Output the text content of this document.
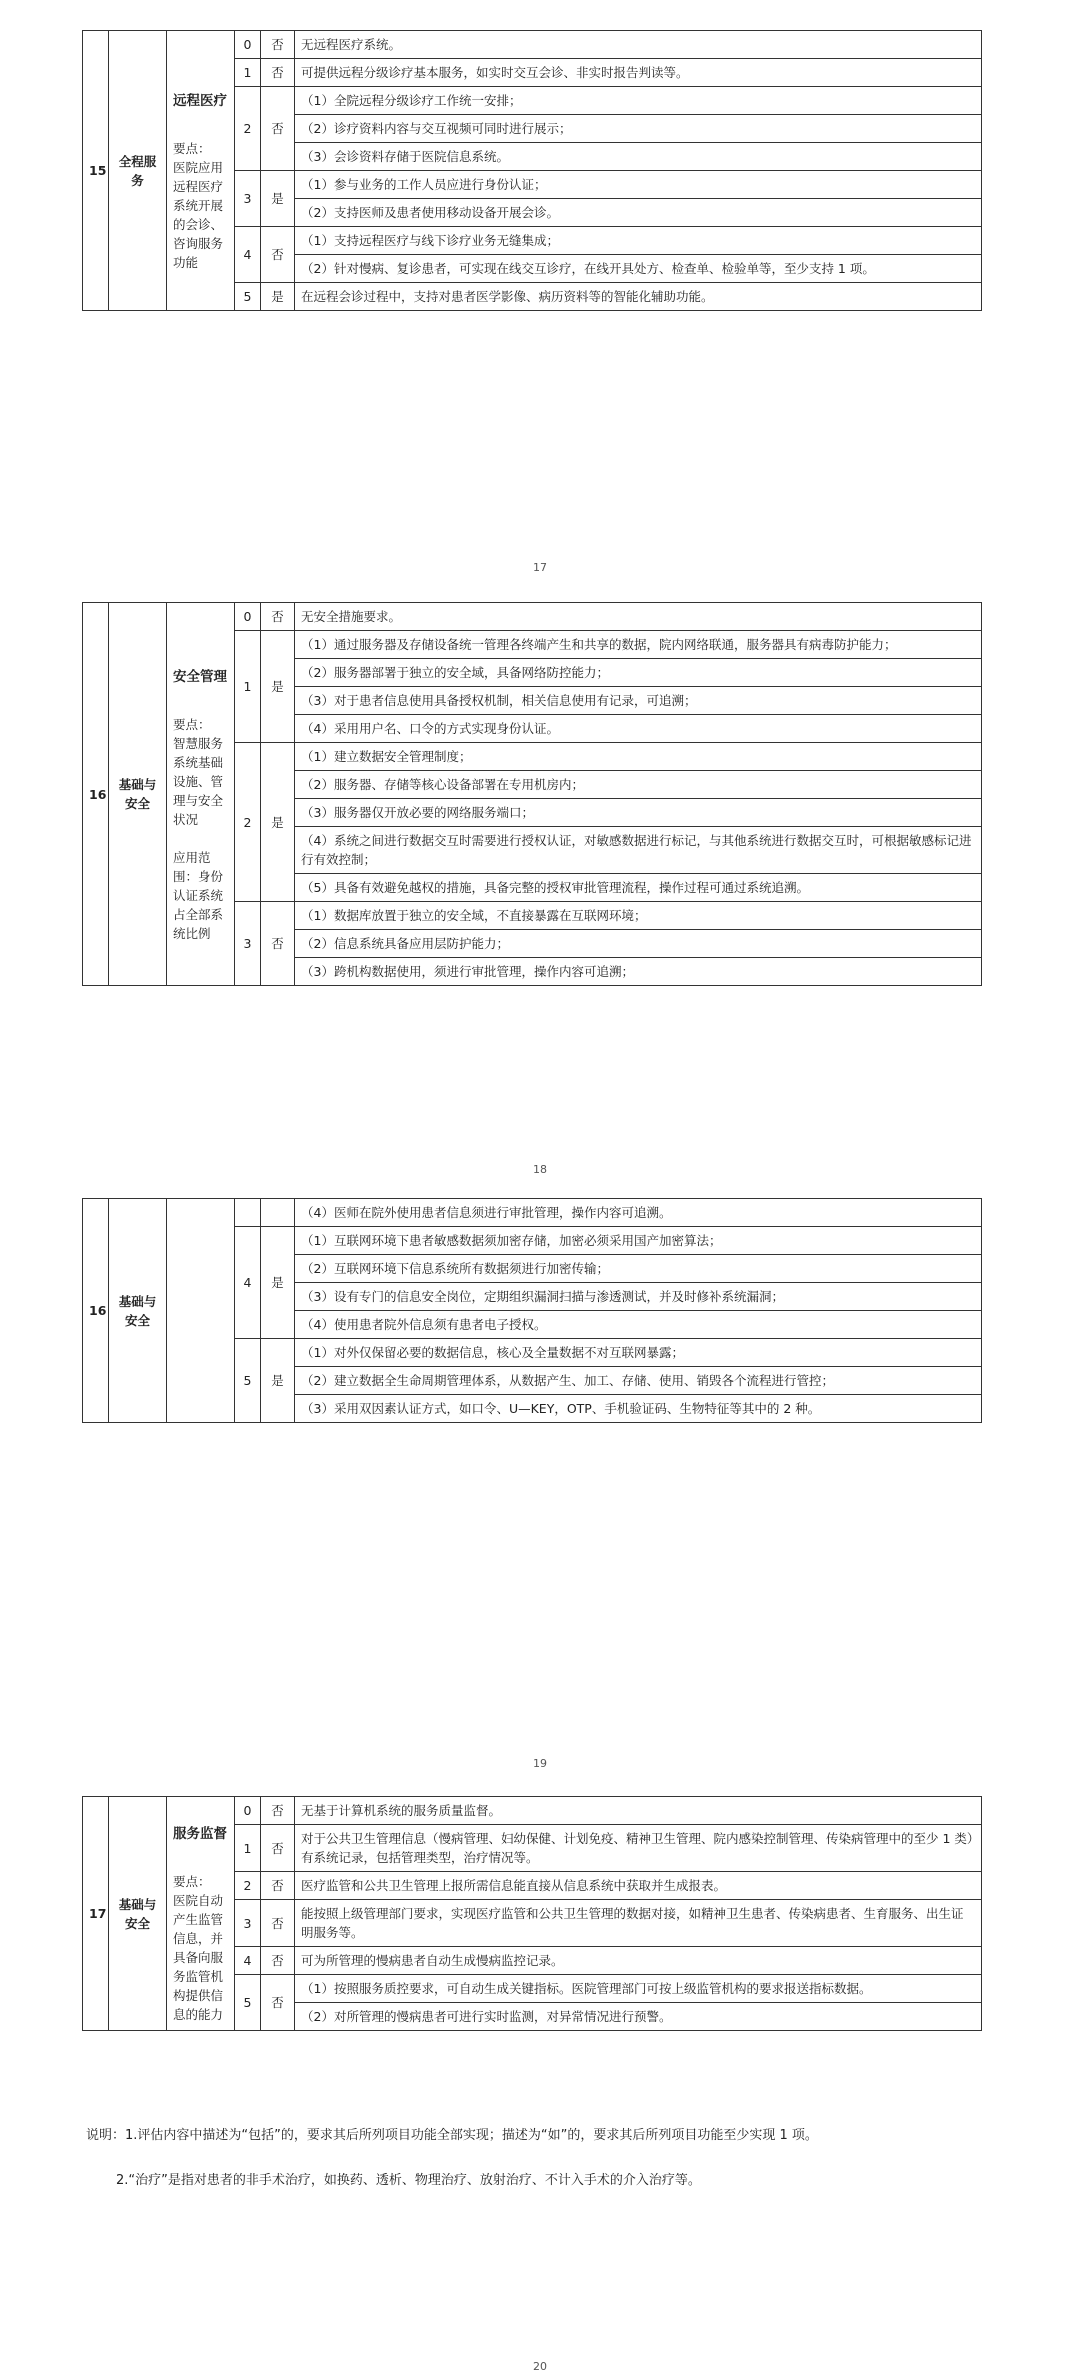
15	全程服务	远程医疗
要点：
医院应用远程医疗系统开展的会诊、咨询服务功能	0	否	无远程医疗系统。
			1	否	可提供远程分级诊疗基本服务，如实时交互会诊、非实时报告判读等。
			2	否	（1）全院远程分级诊疗工作统一安排；
					（2）诊疗资料内容与交互视频可同时进行展示；
					（3）会诊资料存储于医院信息系统。
			3	是	（1）参与业务的工作人员应进行身份认证；
					（2）支持医师及患者使用移动设备开展会诊。
			4	否	（1）支持远程医疗与线下诊疗业务无缝集成；
					（2）针对慢病、复诊患者，可实现在线交互诊疗，在线开具处方、检查单、检验单等，至少支持 1 项。
			5	是	在远程会诊过程中，支持对患者医学影像、病历资料等的智能化辅助功能。
17
16	基础与安全	安全管理
要点：
智慧服务系统基础设施、管理与安全状况
应用范围：身份认证系统占全部系统比例	0	否	无安全措施要求。
			1	是	（1）通过服务器及存储设备统一管理各终端产生和共享的数据，院内网络联通，服务器具有病毒防护能力；
					（2）服务器部署于独立的安全域，具备网络防控能力；
					（3）对于患者信息使用具备授权机制，相关信息使用有记录，可追溯；
					（4）采用用户名、口令的方式实现身份认证。
			2	是	（1）建立数据安全管理制度；
					（2）服务器、存储等核心设备部署在专用机房内；
					（3）服务器仅开放必要的网络服务端口；
					（4）系统之间进行数据交互时需要进行授权认证，对敏感数据进行标记，与其他系统进行数据交互时，可根据敏感标记进行有效控制；
					（5）具备有效避免越权的措施，具备完整的授权审批管理流程，操作过程可通过系统追溯。
			3	否	（1）数据库放置于独立的安全域，不直接暴露在互联网环境；
					（2）信息系统具备应用层防护能力；
					（3）跨机构数据使用，须进行审批管理，操作内容可追溯；
18
16	基础与安全				（4）医师在院外使用患者信息须进行审批管理，操作内容可追溯。
			4	是	（1）互联网环境下患者敏感数据须加密存储，加密必须采用国产加密算法；
					（2）互联网环境下信息系统所有数据须进行加密传输；
					（3）设有专门的信息安全岗位，定期组织漏洞扫描与渗透测试，并及时修补系统漏洞；
					（4）使用患者院外信息须有患者电子授权。
			5	是	（1）对外仅保留必要的数据信息，核心及全量数据不对互联网暴露；
					（2）建立数据全生命周期管理体系，从数据产生、加工、存储、使用、销毁各个流程进行管控；
					（3）采用双因素认证方式，如口令、U—KEY，OTP、手机验证码、生物特征等其中的 2 种。
19
17	基础与安全	服务监督
要点：
医院自动产生监管信息，并具备向服务监管机构提供信息的能力	0	否	无基于计算机系统的服务质量监督。
			1	否	对于公共卫生管理信息（慢病管理、妇幼保健、计划免疫、精神卫生管理、院内感染控制管理、传染病管理中的至少 1 类）有系统记录，包括管理类型，治疗情况等。
			2	否	医疗监管和公共卫生管理上报所需信息能直接从信息系统中获取并生成报表。
			3	否	能按照上级管理部门要求，实现医疗监管和公共卫生管理的数据对接，如精神卫生患者、传染病患者、生育服务、出生证明服务等。
			4	否	可为所管理的慢病患者自动生成慢病监控记录。
			5	否	（1）按照服务质控要求，可自动生成关键指标。医院管理部门可按上级监管机构的要求报送指标数据。
					（2）对所管理的慢病患者可进行实时监测，对异常情况进行预警。

说明：1.评估内容中描述为“包括”的，要求其后所列项目功能全部实现；描述为“如”的，要求其后所列项目功能至少实现 1 项。

2.“治疗”是指对患者的非手术治疗，如换药、透析、物理治疗、放射治疗、不计入手术的介入治疗等。

20
